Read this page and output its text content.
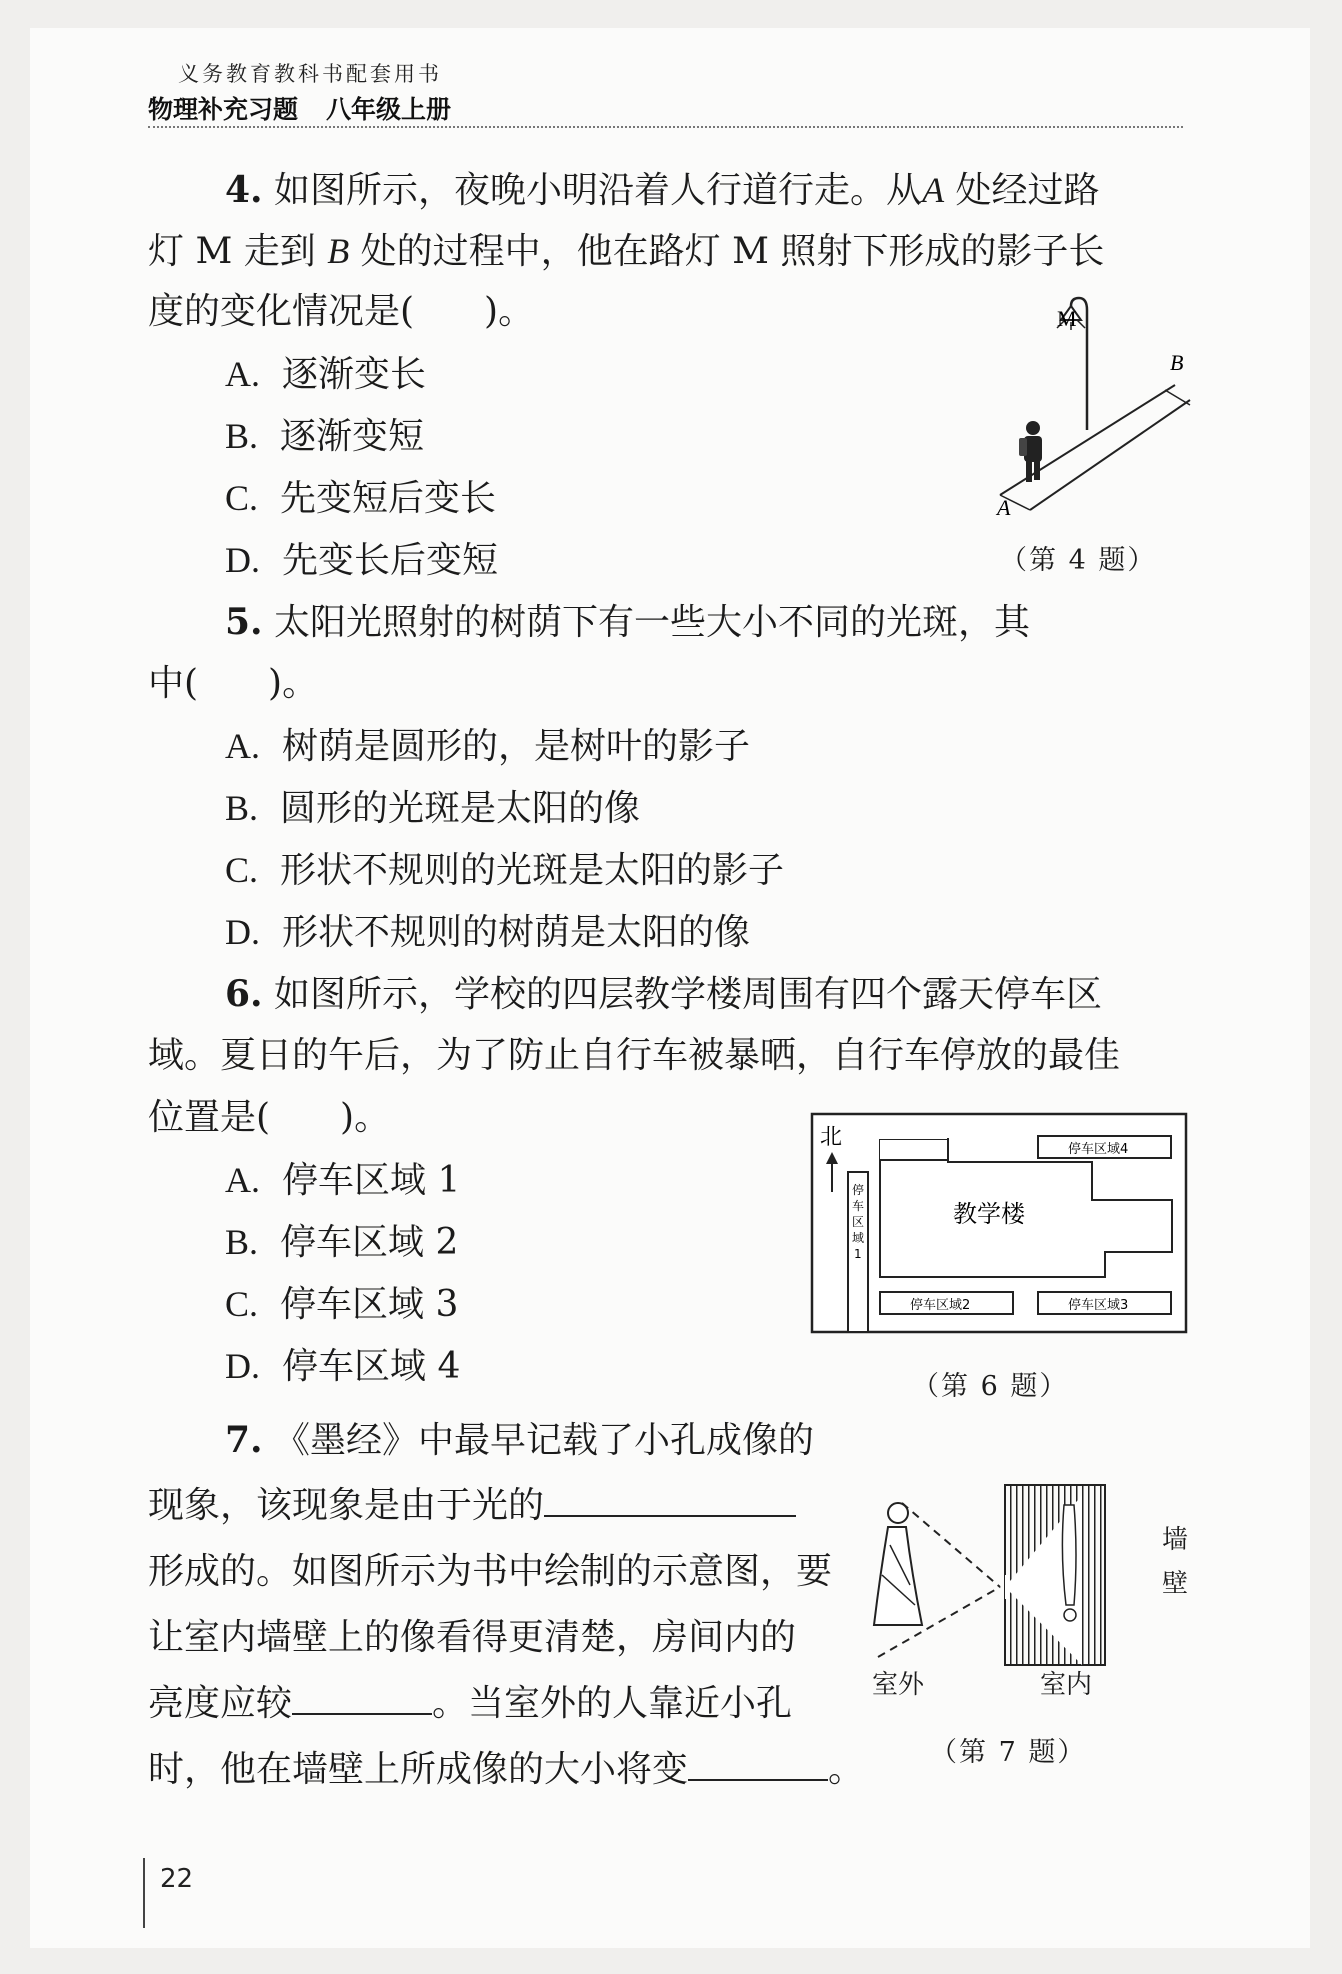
义务教育教科书配套用书
物理补充习题 八年级上册
4. 如图所示，夜晚小明沿着人行道行走。从A 处经过路
灯 M 走到 B 处的过程中，他在路灯 M 照射下形成的影子长
度的变化情况是( )。
A. 逐渐变长
B. 逐渐变短
C. 先变短后变长
D. 先变长后变短
M
A
B
（第 4 题）
5. 太阳光照射的树荫下有一些大小不同的光斑，其
中( )。
A. 树荫是圆形的，是树叶的影子
B. 圆形的光斑是太阳的像
C. 形状不规则的光斑是太阳的影子
D. 形状不规则的树荫是太阳的像
6. 如图所示，学校的四层教学楼周围有四个露天停车区
域。夏日的午后，为了防止自行车被暴晒，自行车停放的最佳
位置是( )。
A. 停车区域 1
B. 停车区域 2
C. 停车区域 3
D. 停车区域 4
北
教学楼
停车区域 1
停车区域4
停车区域2	停车区域3
（第 6 题）
7. 《墨经》中最早记载了小孔成像的
现象，该现象是由于光的
形成的。如图所示为书中绘制的示意图，要
让室内墙壁上的像看得更清楚，房间内的
亮度应较	。当室外的人靠近小孔
时，他在墙壁上所成像的大小将变	。
墙壁
室外	室内
（第 7 题）
22
